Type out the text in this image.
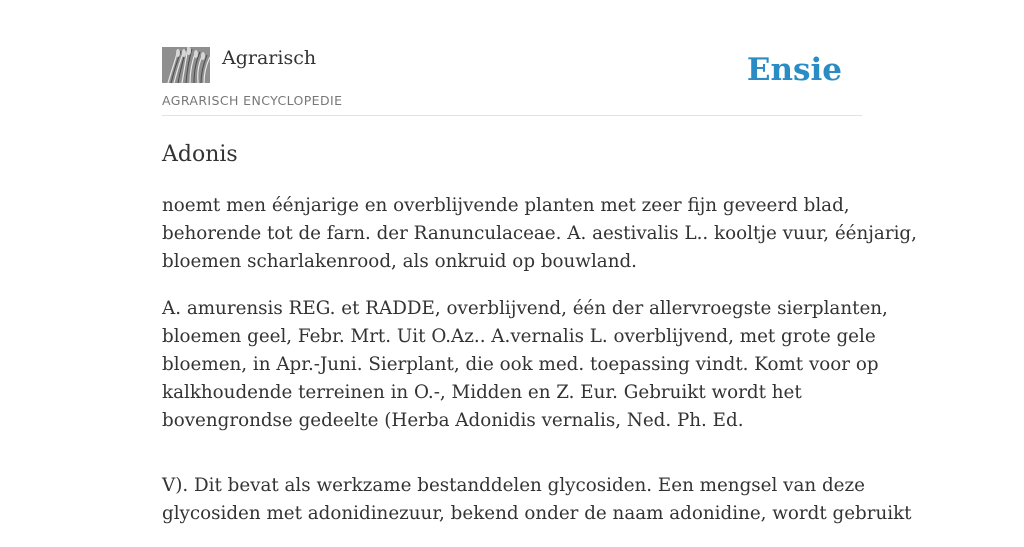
Agrarisch
AGRARISCH ENCYCLOPEDIE
Ensie
Adonis

noemt men éénjarige en overblijvende planten met zeer fijn geveerd blad,
behorende tot de farn. der Ranunculaceae. A. aestivalis L.. kooltje vuur, éénjarig,
bloemen scharlakenrood, als onkruid op bouwland.

A. amurensis REG. et RADDE, overblijvend, één der allervroegste sierplanten,
bloemen geel, Febr. Mrt. Uit O.Az.. A.vernalis L. overblijvend, met grote gele
bloemen, in Apr.-Juni. Sierplant, die ook med. toepassing vindt. Komt voor op
kalkhoudende terreinen in O.-, Midden en Z. Eur. Gebruikt wordt het
bovengrondse gedeelte (Herba Adonidis vernalis, Ned. Ph. Ed.

V). Dit bevat als werkzame bestanddelen glycosiden. Een mengsel van deze
glycosiden met adonidinezuur, bekend onder de naam adonidine, wordt gebruikt
